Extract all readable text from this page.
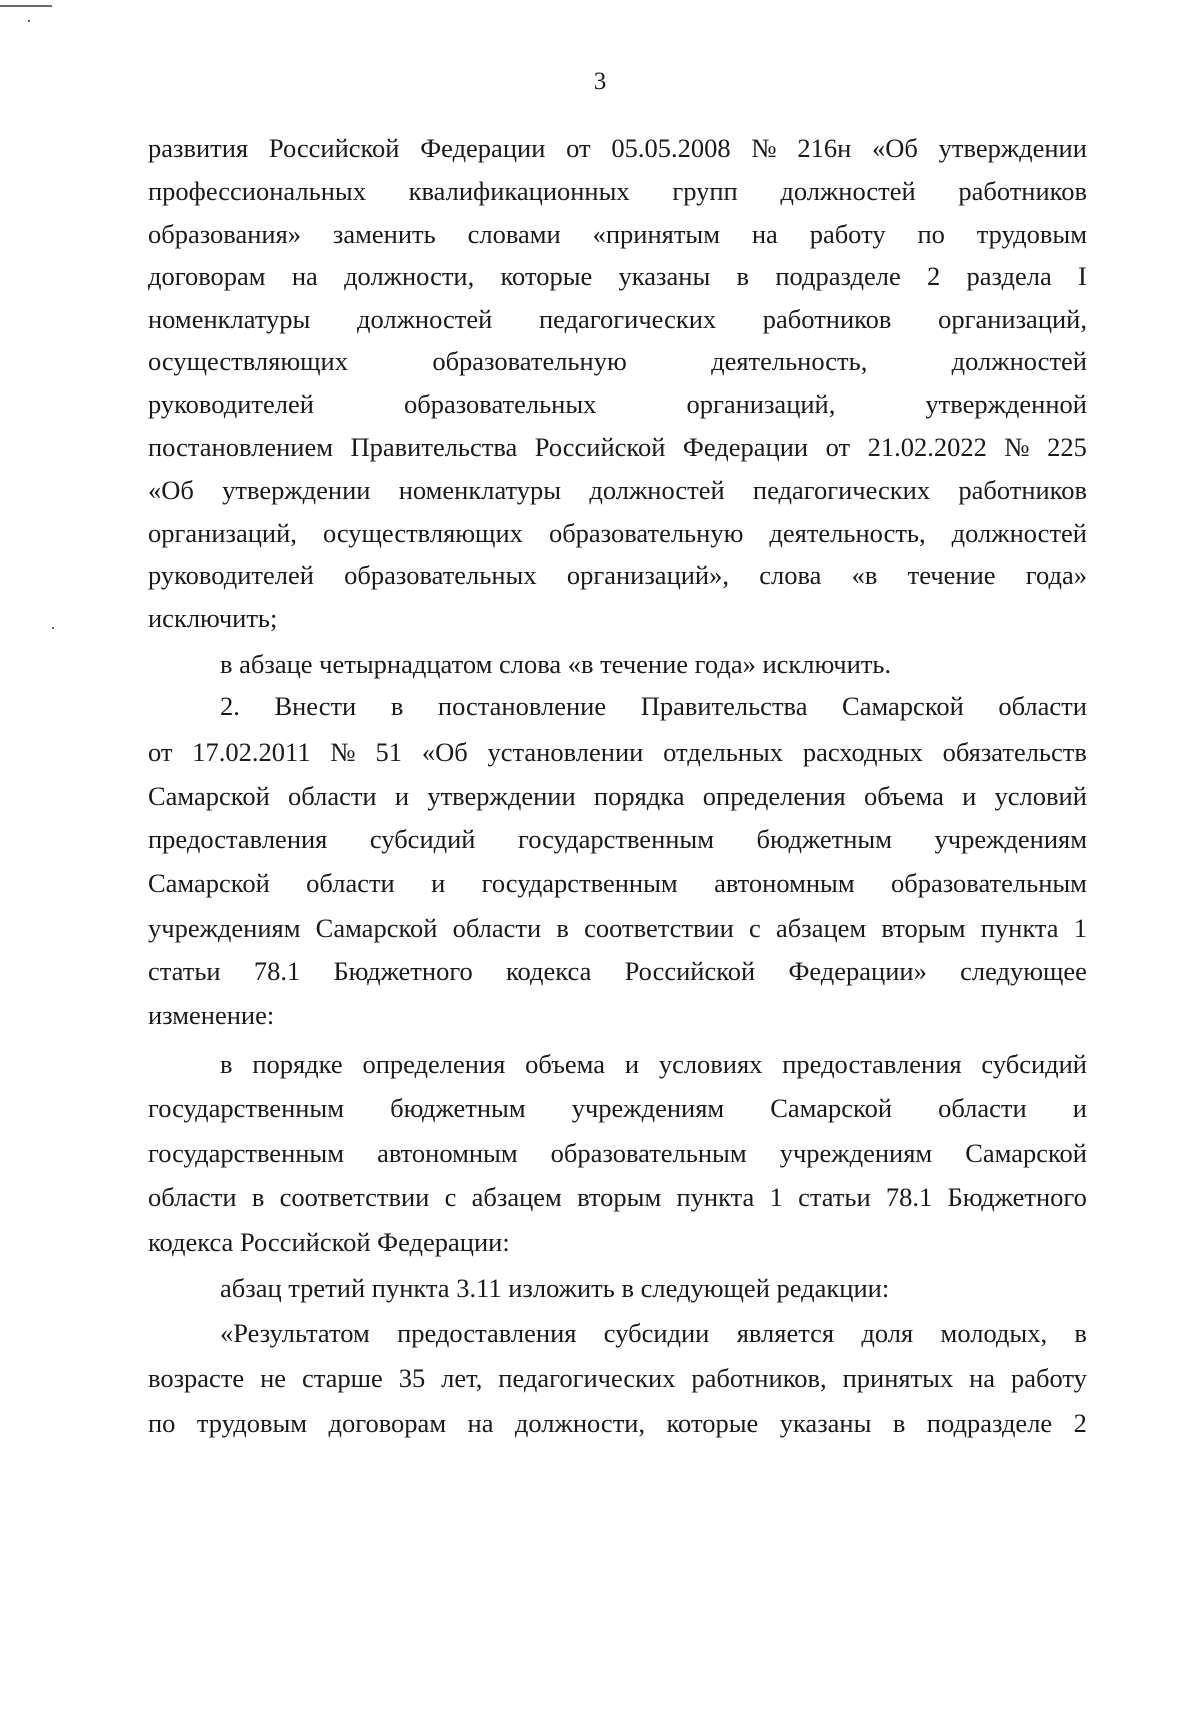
3
развития Российской Федерации от 05.05.2008 № 216н «Об утверждении
профессиональных квалификационных групп должностей работников
образования» заменить словами «принятым на работу по трудовым
договорам на должности, которые указаны в подразделе 2 раздела I
номенклатуры должностей педагогических работников организаций,
осуществляющих	образовательную	деятельность,	должностей
руководителей	образовательных	организаций,	утвержденной
постановлением Правительства Российской Федерации от 21.02.2022 № 225
«Об утверждении номенклатуры должностей педагогических работников
организаций, осуществляющих образовательную деятельность, должностей
руководителей образовательных организаций», слова «в течение года»
исключить;
в абзаце четырнадцатом слова «в течение года» исключить.
2. Внести в постановление Правительства Самарской области
от 17.02.2011 № 51 «Об установлении отдельных расходных обязательств
Самарской области и утверждении порядка определения объема и условий
предоставления субсидий государственным бюджетным учреждениям
Самарской области и государственным автономным образовательным
учреждениям Самарской области в соответствии с абзацем вторым пункта 1
статьи 78.1 Бюджетного кодекса Российской Федерации» следующее
изменение:
в порядке определения объема и условиях предоставления субсидий
государственным бюджетным учреждениям Самарской области и
государственным автономным образовательным учреждениям Самарской
области в соответствии с абзацем вторым пункта 1 статьи 78.1 Бюджетного
кодекса Российской Федерации:
абзац третий пункта 3.11 изложить в следующей редакции:
«Результатом предоставления субсидии является доля молодых, в
возрасте не старше 35 лет, педагогических работников, принятых на работу
по трудовым договорам на должности, которые указаны в подразделе 2
